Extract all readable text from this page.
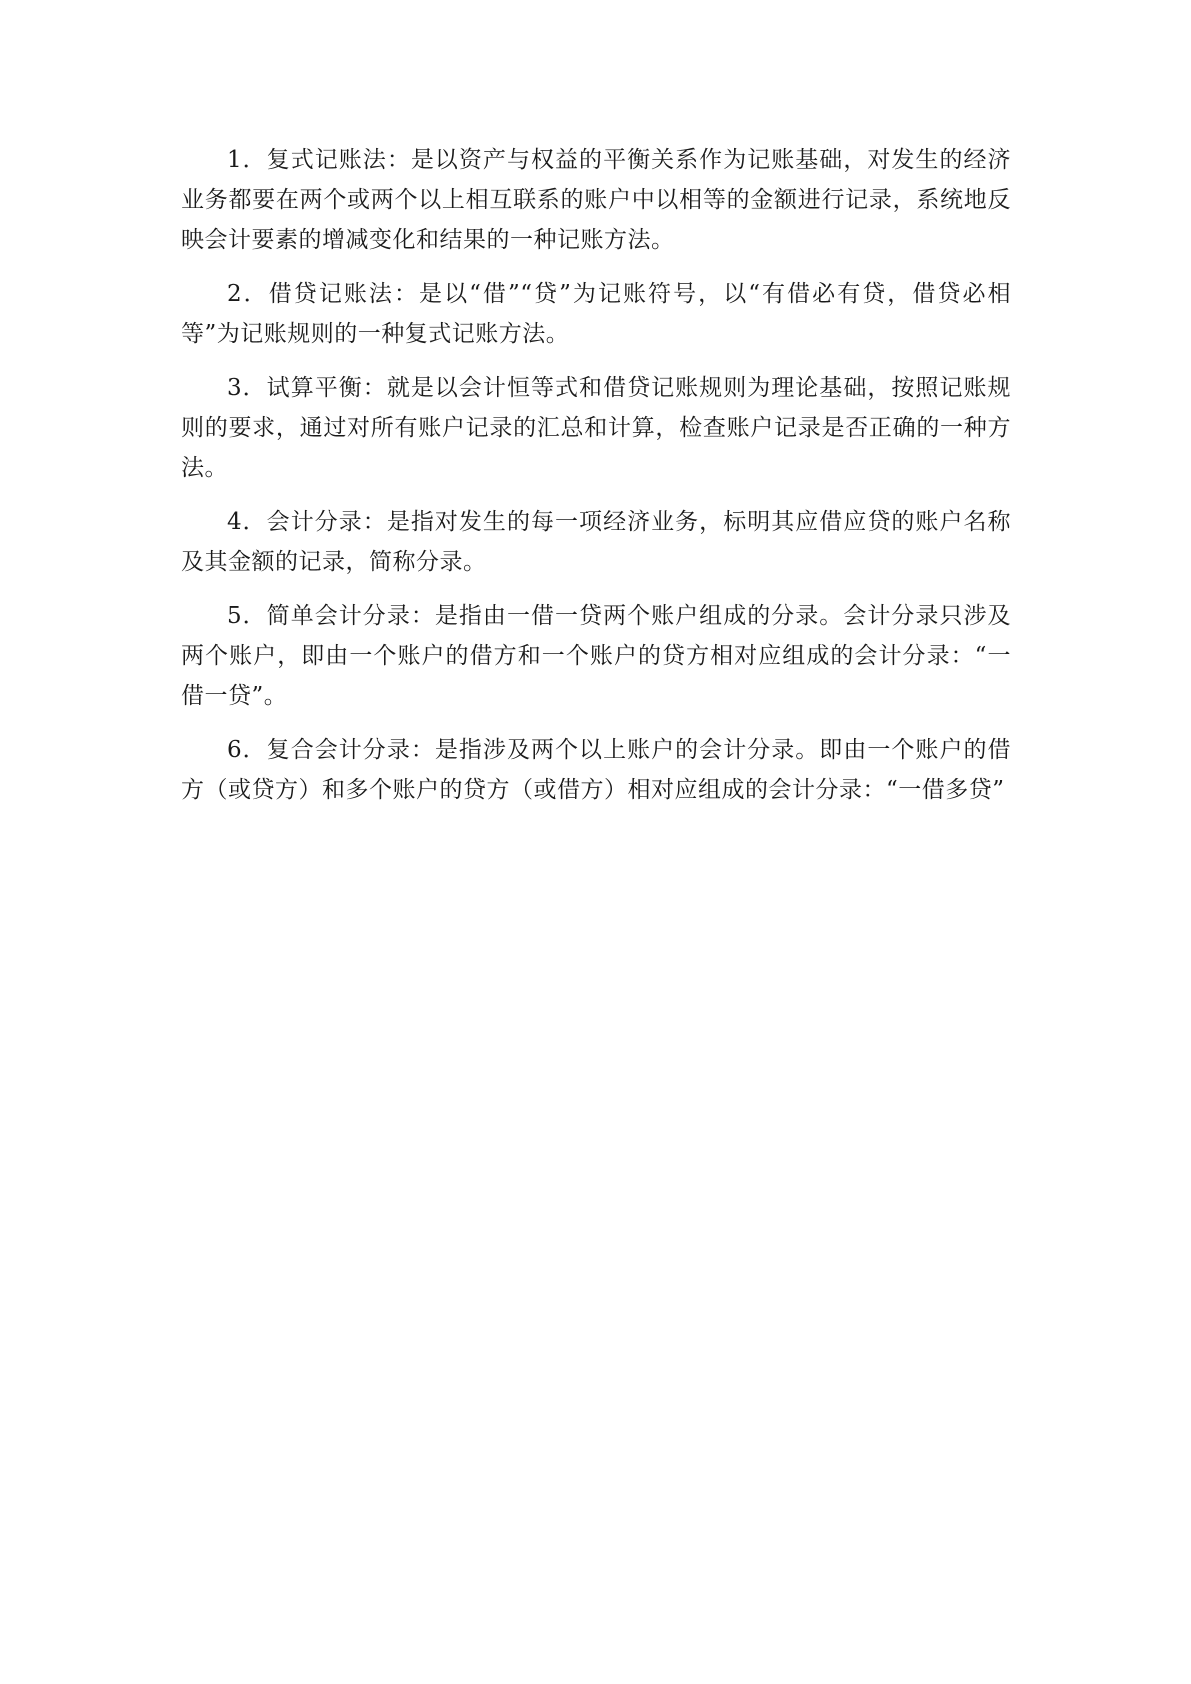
1．复式记账法：是以资产与权益的平衡关系作为记账基础，对发生的经济业务都要在两个或两个以上相互联系的账户中以相等的金额进行记录，系统地反映会计要素的增减变化和结果的一种记账方法。

2．借贷记账法：是以“借”“贷”为记账符号，以“有借必有贷，借贷必相等”为记账规则的一种复式记账方法。

3．试算平衡：就是以会计恒等式和借贷记账规则为理论基础，按照记账规则的要求，通过对所有账户记录的汇总和计算，检查账户记录是否正确的一种方法。

4．会计分录：是指对发生的每一项经济业务，标明其应借应贷的账户名称及其金额的记录，简称分录。

5．简单会计分录：是指由一借一贷两个账户组成的分录。会计分录只涉及两个账户，即由一个账户的借方和一个账户的贷方相对应组成的会计分录：“一借一贷”。

6．复合会计分录：是指涉及两个以上账户的会计分录。即由一个账户的借方（或贷方）和多个账户的贷方（或借方）相对应组成的会计分录：“一借多贷”
